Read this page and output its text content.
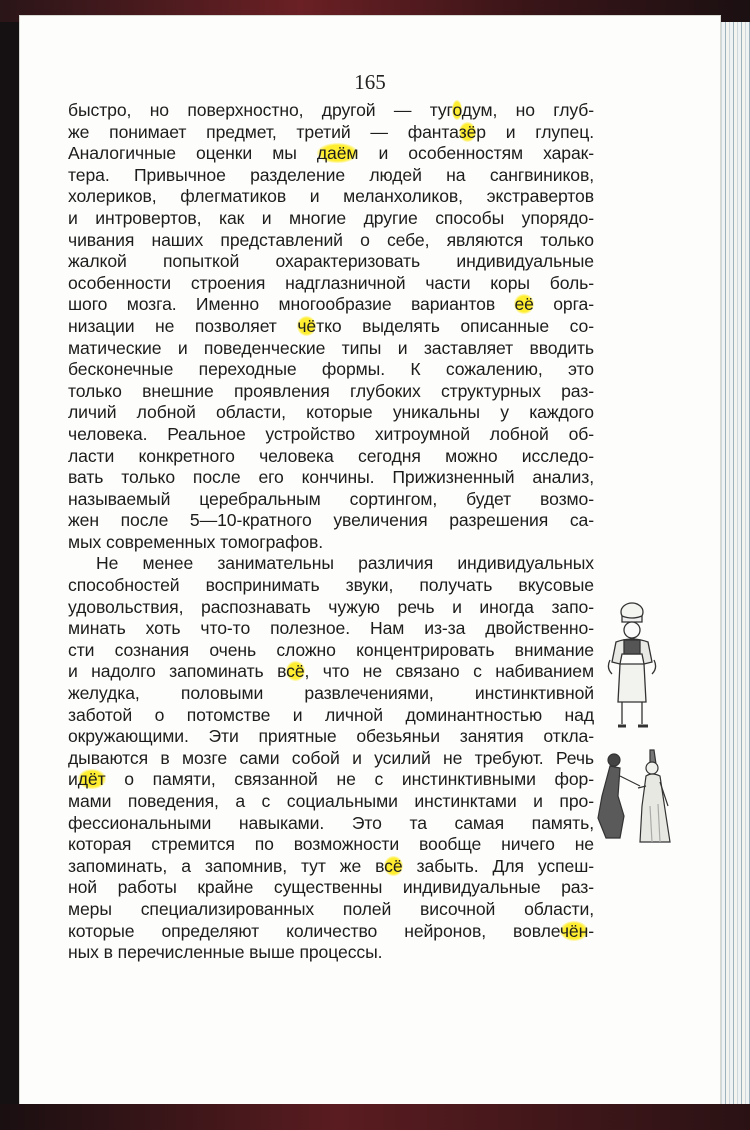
165
быстро, но поверхностно, другой — тугодум, но глуб-
же понимает предмет, третий — фантазёр и глупец.
Аналогичные оценки мы даём и особенностям харак-
тера. Привычное разделение людей на сангвиников,
холериков, флегматиков и меланхоликов, экстравертов
и интровертов, как и многие другие способы упорядо-
чивания наших представлений о себе, являются только
жалкой попыткой охарактеризовать индивидуальные
особенности строения надглазничной части коры боль-
шого мозга. Именно многообразие вариантов её орга-
низации не позволяет чётко выделять описанные со-
матические и поведенческие типы и заставляет вводить
бесконечные переходные формы. К сожалению, это
только внешние проявления глубоких структурных раз-
личий лобной области, которые уникальны у каждого
человека. Реальное устройство хитроумной лобной об-
ласти конкретного человека сегодня можно исследо-
вать только после его кончины. Прижизненный анализ,
называемый церебральным сортингом, будет возмо-
жен после 5—10-кратного увеличения разрешения са-
мых современных томографов.
Не менее занимательны различия индивидуальных
способностей воспринимать звуки, получать вкусовые
удовольствия, распознавать чужую речь и иногда запо-
минать хоть что-то полезное. Нам из-за двойственно-
сти сознания очень сложно концентрировать внимание
и надолго запоминать всё, что не связано с набиванием
желудка, половыми развлечениями, инстинктивной
заботой о потомстве и личной доминантностью над
окружающими. Эти приятные обезьяньи занятия откла-
дываются в мозге сами собой и усилий не требуют. Речь
идёт о памяти, связанной не с инстинктивными фор-
мами поведения, а с социальными инстинктами и про-
фессиональными навыками. Это та самая память,
которая стремится по возможности вообще ничего не
запоминать, а запомнив, тут же всё забыть. Для успеш-
ной работы крайне существенны индивидуальные раз-
меры специализированных полей височной области,
которые определяют количество нейронов, вовлечён-
ных в перечисленные выше процессы.
